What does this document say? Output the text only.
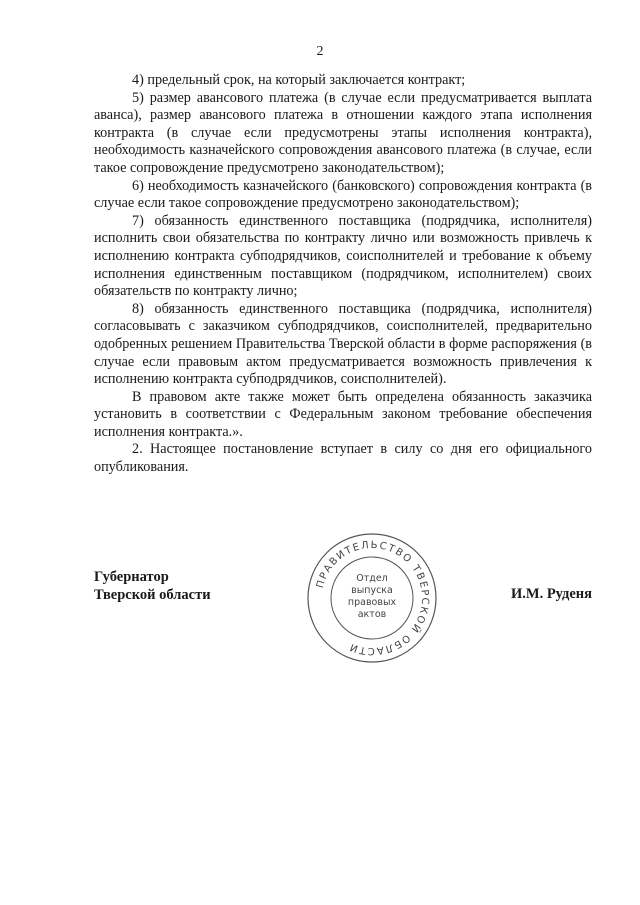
2

4) предельный срок, на который заключается контракт;

5) размер авансового платежа (в случае если предусматривается выплата аванса), размер авансового платежа в отношении каждого этапа исполнения контракта (в случае если предусмотрены этапы исполнения контракта), необходимость казначейского сопровождения авансового платежа (в случае, если такое сопровождение предусмотрено законодательством);

6) необходимость казначейского (банковского) сопровождения контракта (в случае если такое сопровождение предусмотрено законодательством);

7) обязанность единственного поставщика (подрядчика, исполнителя) исполнить свои обязательства по контракту лично или возможность привлечь к исполнению контракта субподрядчиков, соисполнителей и требование к объему исполнения единственным поставщиком (подрядчиком, исполнителем) своих обязательств по контракту лично;

8) обязанность единственного поставщика (подрядчика, исполнителя) согласовывать с заказчиком субподрядчиков, соисполнителей, предварительно одобренных решением Правительства Тверской области в форме распоряжения (в случае если правовым актом предусматривается возможность привлечения к исполнению контракта субподрядчиков, соисполнителей).

В правовом акте также может быть определена обязанность заказчика установить в соответствии с Федеральным законом требование обеспечения исполнения контракта.».

2. Настоящее постановление вступает в силу со дня его официального опубликования.

Губернатор
Тверской области	И.М. Руденя
ПРАВИТЕЛЬСТВО ТВЕРСКОЙ ОБЛАСТИ
Отдел
выпуска
правовых
актов
